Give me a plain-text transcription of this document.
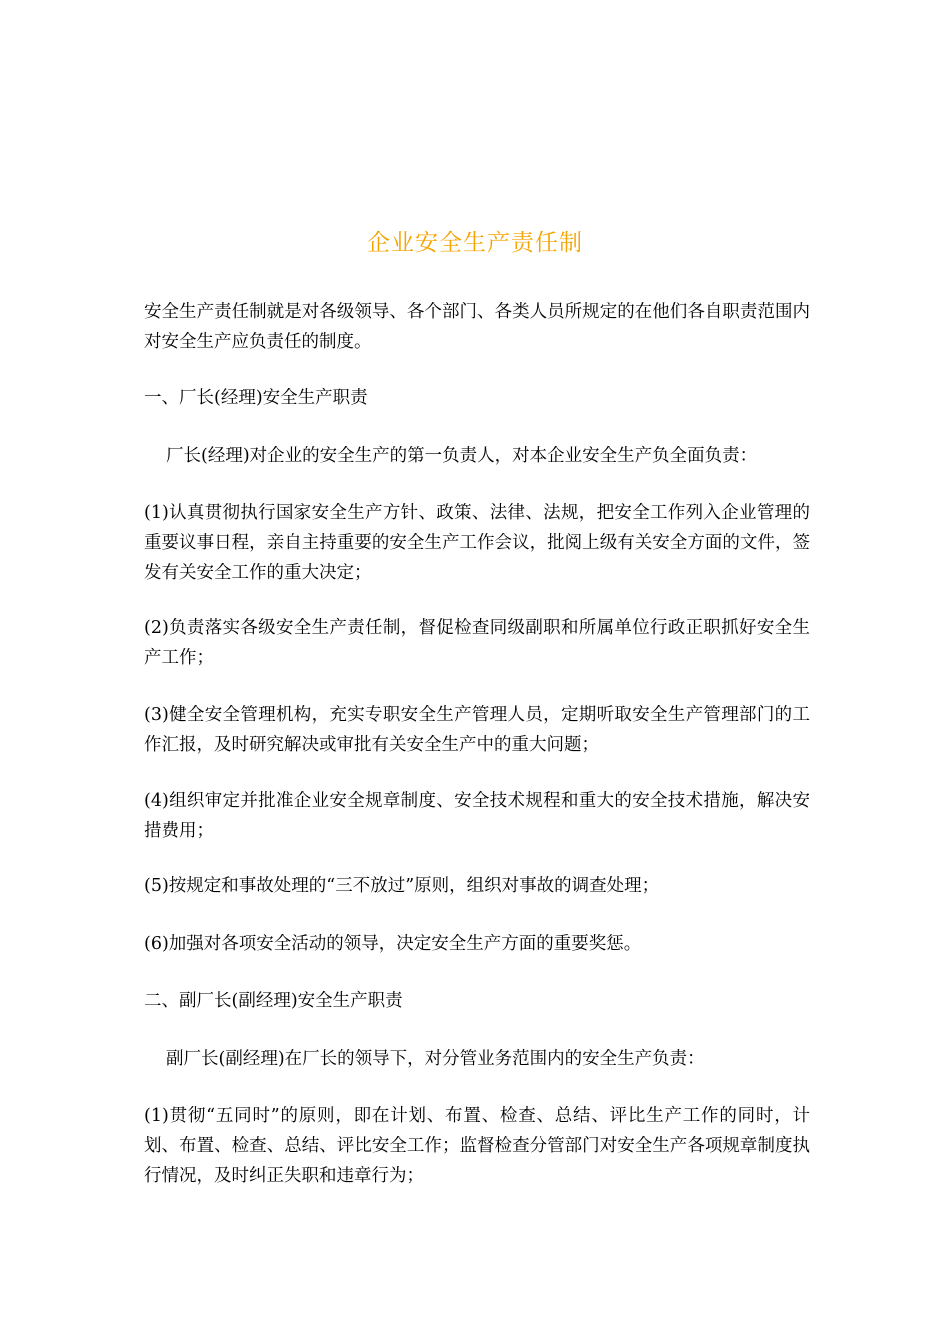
企业安全生产责任制

安全生产责任制就是对各级领导、各个部门、各类人员所规定的在他们各自职责范围内对安全生产应负责任的制度。

一、厂长(经理)安全生产职责

厂长(经理)对企业的安全生产的第一负责人，对本企业安全生产负全面负责：

(1)认真贯彻执行国家安全生产方针、政策、法律、法规，把安全工作列入企业管理的重要议事日程，亲自主持重要的安全生产工作会议，批阅上级有关安全方面的文件，签发有关安全工作的重大决定；

(2)负责落实各级安全生产责任制，督促检查同级副职和所属单位行政正职抓好安全生产工作；

(3)健全安全管理机构，充实专职安全生产管理人员，定期听取安全生产管理部门的工作汇报，及时研究解决或审批有关安全生产中的重大问题；

(4)组织审定并批准企业安全规章制度、安全技术规程和重大的安全技术措施，解决安措费用；

(5)按规定和事故处理的“三不放过”原则，组织对事故的调查处理；

(6)加强对各项安全活动的领导，决定安全生产方面的重要奖惩。

二、副厂长(副经理)安全生产职责

副厂长(副经理)在厂长的领导下，对分管业务范围内的安全生产负责：

(1)贯彻“五同时”的原则，即在计划、布置、检查、总结、评比生产工作的同时，计划、布置、检查、总结、评比安全工作；监督检查分管部门对安全生产各项规章制度执行情况，及时纠正失职和违章行为；
